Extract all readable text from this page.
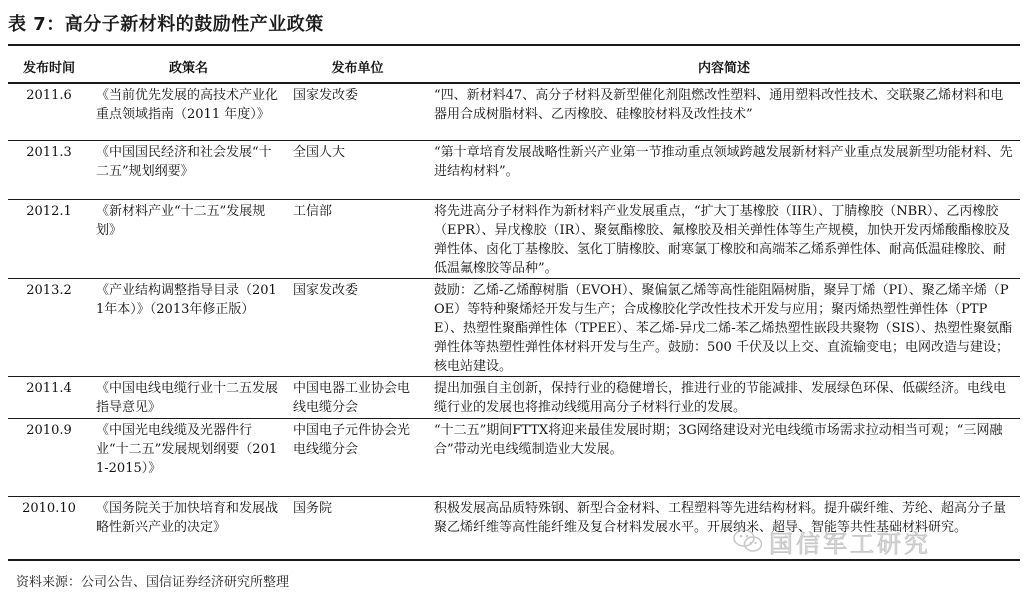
表 7：高分子新材料的鼓励性产业政策
发布时间	政策名	发布单位	内容简述
2011.6	《当前优先发展的高技术产业化重点领域指南（2011 年度）》	国家发改委	“四、新材料47、高分子材料及新型催化剂阻燃改性塑料、通用塑料改性技术、交联聚乙烯材料和电器用合成树脂材料、乙丙橡胶、硅橡胶材料及改性技术”
2011.3	《中国国民经济和社会发展“十二五”规划纲要》	全国人大	“第十章培育发展战略性新兴产业第一节推动重点领域跨越发展新材料产业重点发展新型功能材料、先进结构材料”。
2012.1	《新材料产业“十二五”发展规划》	工信部	将先进高分子材料作为新材料产业发展重点，“扩大丁基橡胶（IIR）、丁腈橡胶（NBR）、乙丙橡胶（EPR）、异戊橡胶（IR）、聚氨酯橡胶、氟橡胶及相关弹性体等生产规模，加快开发丙烯酸酯橡胶及弹性体、卤化丁基橡胶、氢化丁腈橡胶、耐寒氯丁橡胶和高端苯乙烯系弹性体、耐高低温硅橡胶、耐低温氟橡胶等品种”。
2013.2	《产业结构调整指导目录（2011年本）》（2013年修正版）	国家发改委	鼓励：乙烯-乙烯醇树脂（EVOH）、聚偏氯乙烯等高性能阻隔树脂，聚异丁烯（PI）、聚乙烯辛烯（POE）等特种聚烯烃开发与生产；合成橡胶化学改性技术开发与应用；聚丙烯热塑性弹性体（PTPE）、热塑性聚酯弹性体（TPEE）、苯乙烯-异戊二烯-苯乙烯热塑性嵌段共聚物（SIS）、热塑性聚氨酯弹性体等热塑性弹性体材料开发与生产。鼓励：500 千伏及以上交、直流输变电；电网改造与建设；核电站建设。
2011.4	《中国电线电缆行业十二五发展指导意见》	中国电器工业协会电线电缆分会	提出加强自主创新，保持行业的稳健增长，推进行业的节能减排、发展绿色环保、低碳经济。电线电缆行业的发展也将推动线缆用高分子材料行业的发展。
2010.9	《中国光电线缆及光器件行业“十二五”发展规划纲要（2011-2015）》	中国电子元件协会光电线缆分会	“十二五”期间FTTX将迎来最佳发展时期；3G网络建设对光电线缆市场需求拉动相当可观；“三网融合”带动光电线缆制造业大发展。
2010.10	《国务院关于加快培育和发展战略性新兴产业的决定》	国务院	积极发展高品质特殊钢、新型合金材料、工程塑料等先进结构材料。提升碳纤维、芳纶、超高分子量聚乙烯纤维等高性能纤维及复合材料发展水平。开展纳米、超导、智能等共性基础材料研究。
资料来源：公司公告、国信证券经济研究所整理
国信军工研究
